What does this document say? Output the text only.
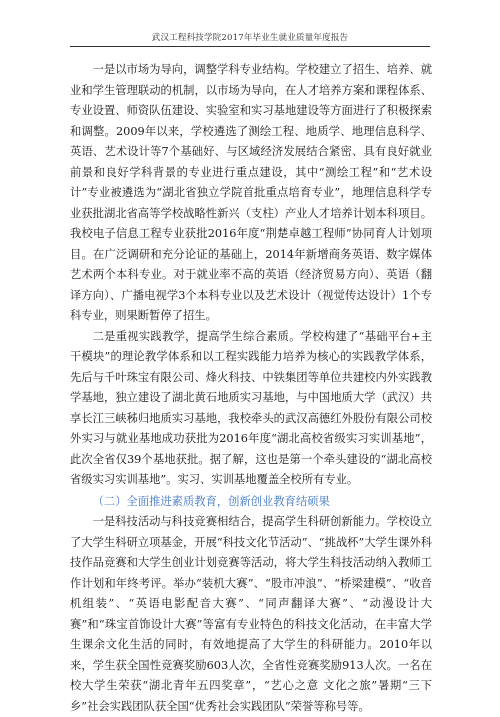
武汉工程科技学院2017年毕业生就业质量年度报告

一是以市场为导向，调整学科专业结构。学校建立了招生、培养、就业和学生管理联动的机制，以市场为导向，在人才培养方案和课程体系、专业设置、师资队伍建设、实验室和实习基地建设等方面进行了积极探索和调整。2009年以来，学校遴选了测绘工程、地质学、地理信息科学、英语、艺术设计等7个基础好、与区域经济发展结合紧密、具有良好就业前景和良好学科背景的专业进行重点建设，其中“测绘工程”和“艺术设计”专业被遴选为“湖北省独立学院首批重点培育专业”，地理信息科学专业获批湖北省高等学校战略性新兴（支柱）产业人才培养计划本科项目。我校电子信息工程专业获批2016年度“荆楚卓越工程师”协同育人计划项目。在广泛调研和充分论证的基础上，2014年新增商务英语、数字媒体艺术两个本科专业。对于就业率不高的英语（经济贸易方向）、英语（翻译方向）、广播电视学3个本科专业以及艺术设计（视觉传达设计）1个专科专业，则果断暂停了招生。

二是重视实践教学，提高学生综合素质。学校构建了“基础平台+主干模块”的理论教学体系和以工程实践能力培养为核心的实践教学体系，先后与千叶珠宝有限公司、烽火科技、中铁集团等单位共建校内外实践教学基地，独立建设了湖北黄石地质实习基地，与中国地质大学（武汉）共享长江三峡秭归地质实习基地，我校牵头的武汉高德红外股份有限公司校外实习与就业基地成功获批为2016年度“湖北高校省级实习实训基地”，此次全省仅39个基地获批。据了解，这也是第一个牵头建设的“湖北高校省级实习实训基地”。实习、实训基地覆盖全校所有专业。

（二）全面推进素质教育，创新创业教育结硕果

一是科技活动与科技竞赛相结合，提高学生科研创新能力。学校设立了大学生科研立项基金，开展“科技文化节活动”、“挑战杯”大学生课外科技作品竞赛和大学生创业计划竞赛等活动，将大学生科技活动纳入教师工作计划和年终考评。举办“装机大赛”、“股市冲浪”、“桥梁建模”、“收音机组装”、“英语电影配音大赛”、“同声翻译大赛”、“动漫设计大赛”和“珠宝首饰设计大赛”等富有专业特色的科技文化活动，在丰富大学生课余文化生活的同时，有效地提高了大学生的科研能力。2010年以来，学生获全国性竞赛奖励603人次，全省性竞赛奖励913人次。一名在校大学生荣获“湖北青年五四奖章”，“艺心之意 文化之旅”暑期“三下乡”社会实践团队获全国“优秀社会实践团队”荣誉等称号等。
